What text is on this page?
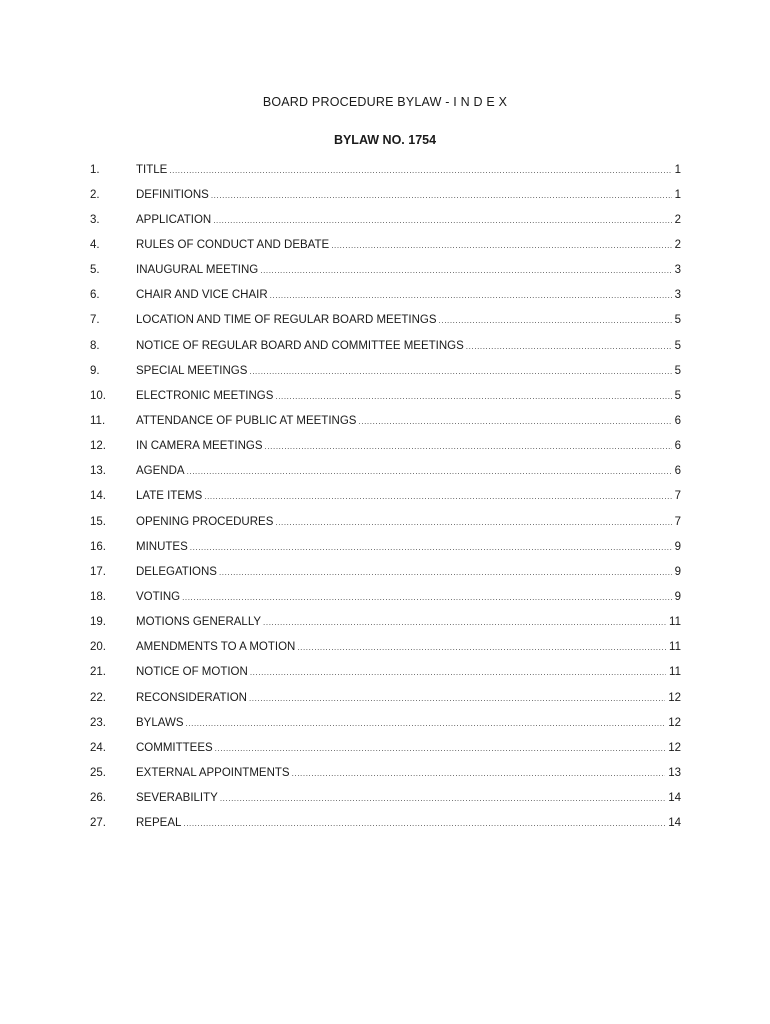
BOARD PROCEDURE BYLAW - I N D E X
BYLAW NO. 1754
1.	TITLE .....	1
2.	DEFINITIONS .....	1
3.	APPLICATION .....	2
4.	RULES OF CONDUCT AND DEBATE .....	2
5.	INAUGURAL MEETING .....	3
6.	CHAIR AND VICE CHAIR .....	3
7.	LOCATION AND TIME OF REGULAR BOARD MEETINGS .....	5
8.	NOTICE OF REGULAR BOARD AND COMMITTEE MEETINGS .....	5
9.	SPECIAL MEETINGS .....	5
10.	ELECTRONIC MEETINGS .....	5
11.	ATTENDANCE OF PUBLIC AT MEETINGS .....	6
12.	IN CAMERA MEETINGS .....	6
13.	AGENDA .....	6
14.	LATE ITEMS .....	7
15.	OPENING PROCEDURES .....	7
16.	MINUTES .....	9
17.	DELEGATIONS .....	9
18.	VOTING .....	9
19.	MOTIONS GENERALLY .....	11
20.	AMENDMENTS TO A MOTION .....	11
21.	NOTICE OF MOTION .....	11
22.	RECONSIDERATION .....	12
23.	BYLAWS .....	12
24.	COMMITTEES .....	12
25.	EXTERNAL APPOINTMENTS .....	13
26.	SEVERABILITY .....	14
27.	REPEAL .....	14
